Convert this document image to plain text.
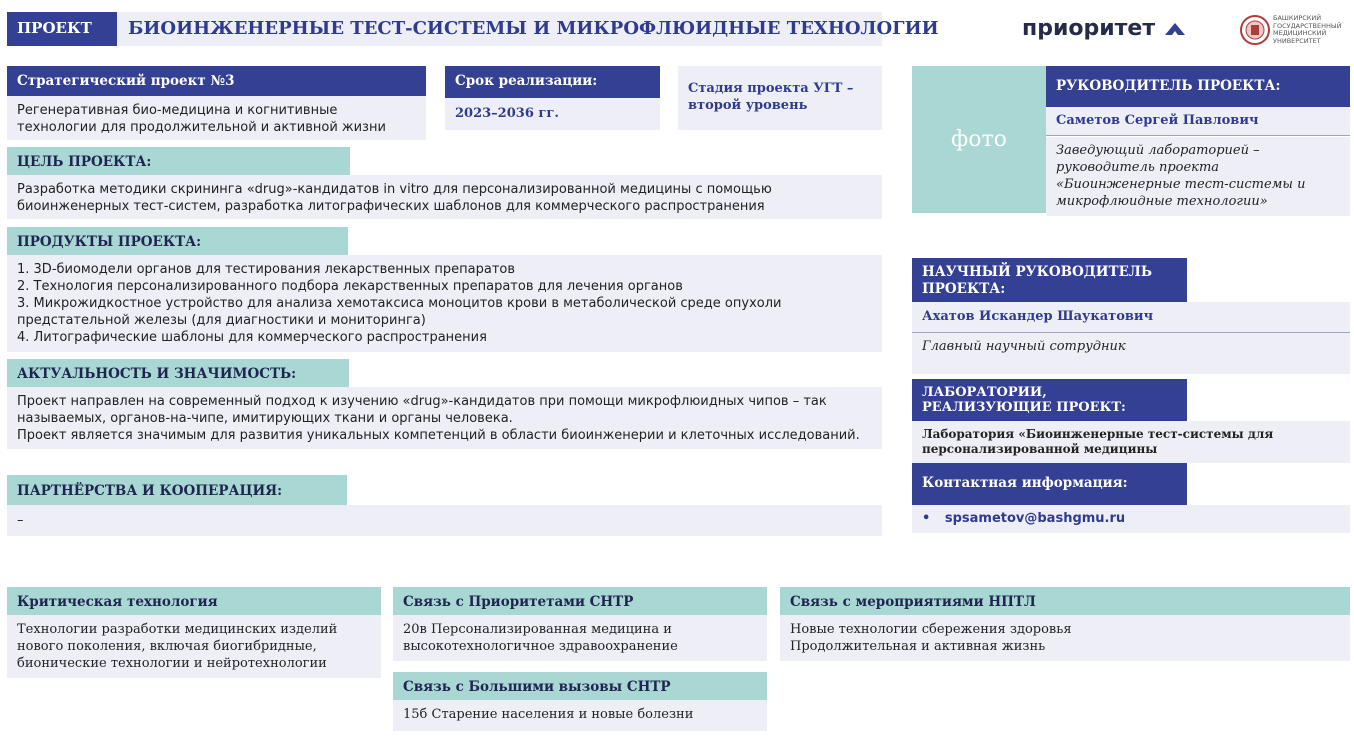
ПРОЕКТ	БИОИНЖЕНЕРНЫЕ ТЕСТ-СИСТЕМЫ И МИКРОФЛЮИДНЫЕ ТЕХНОЛОГИИ	приоритет	БАШКИРСКИЙ
ГОСУДАРСТВЕННЫЙ
МЕДИЦИНСКИЙ
УНИВЕРСИТЕТ
Стратегический проект №3
Регенеративная био-медицина и когнитивные технологии для продолжительной и активной жизни
Срок реализации:
2023–2036 гг.
Стадия проекта УГТ – второй уровень
ЦЕЛЬ ПРОЕКТА:
Разработка методики скрининга «drug»-кандидатов in vitro для персонализированной медицины с помощью биоинженерных тест-систем, разработка литографических шаблонов для коммерческого распространения
ПРОДУКТЫ ПРОЕКТА:
1. 3D-биомодели органов для тестирования лекарственных препаратов
2. Технология персонализированного подбора лекарственных препаратов для лечения органов
3. Микрожидкостное устройство для анализа хемотаксиса моноцитов крови в метаболической среде опухоли предстательной железы (для диагностики и мониторинга)
4. Литографические шаблоны для коммерческого распространения
АКТУАЛЬНОСТЬ И ЗНАЧИМОСТЬ:
Проект направлен на современный подход к изучению «drug»-кандидатов при помощи микрофлюидных чипов – так называемых, органов-на-чипе, имитирующих ткани и органы человека.
Проект является значимым для развития уникальных компетенций в области биоинженерии и клеточных исследований.
ПАРТНЁРСТВА И КООПЕРАЦИЯ:
–
фото
РУКОВОДИТЕЛЬ ПРОЕКТА:
Саметов Сергей Павлович
Заведующий лабораторией – руководитель проекта «Биоинженерные тест-системы и микрофлюидные технологии»
НАУЧНЫЙ РУКОВОДИТЕЛЬ ПРОЕКТА:
Ахатов Искандер Шаукатович
Главный научный сотрудник
ЛАБОРАТОРИИ, РЕАЛИЗУЮЩИЕ ПРОЕКТ:
Лаборатория «Биоинженерные тест-системы для персонализированной медицины
Контактная информация:
• spsametov@bashgmu.ru
Критическая технология
Технологии разработки медицинских изделий нового поколения, включая биогибридные, бионические технологии и нейротехнологии
Связь с Приоритетами СНТР
20в Персонализированная медицина и высокотехнологичное здравоохранение
Связь с мероприятиями НПТЛ
Новые технологии сбережения здоровья
Продолжительная и активная жизнь
Связь с Большими вызовы СНТР
15б Старение населения и новые болезни
